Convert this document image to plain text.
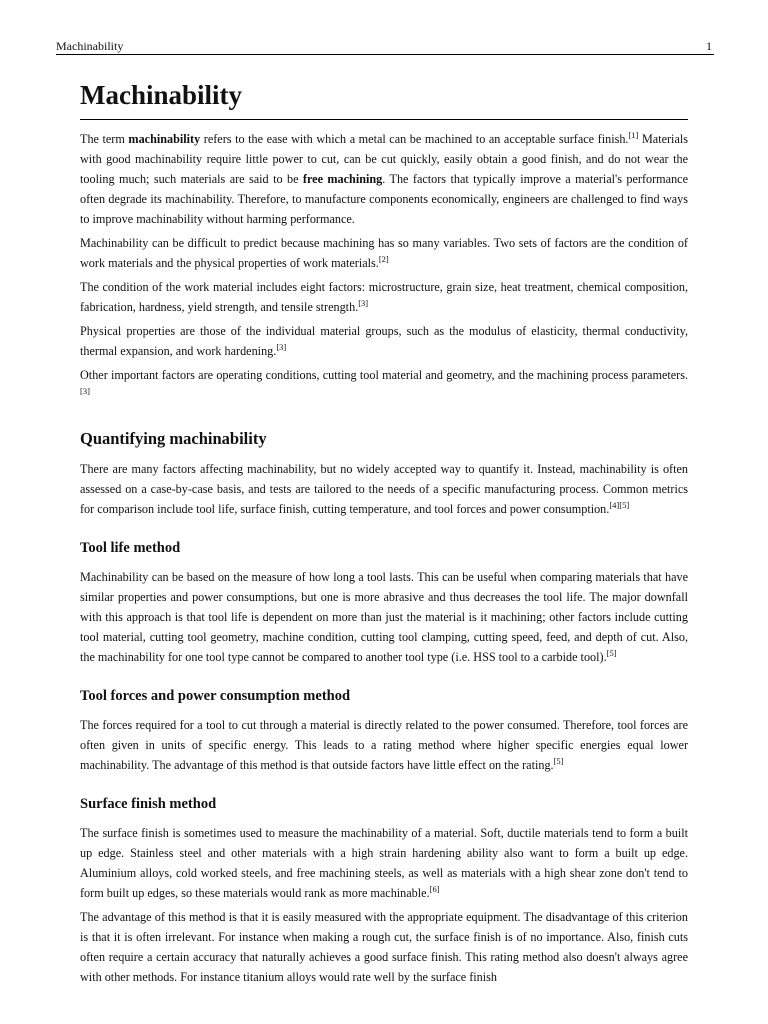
Machinability	1
Machinability

The term machinability refers to the ease with which a metal can be machined to an acceptable surface finish.[1] Materials with good machinability require little power to cut, can be cut quickly, easily obtain a good finish, and do not wear the tooling much; such materials are said to be free machining. The factors that typically improve a material's performance often degrade its machinability. Therefore, to manufacture components economically, engineers are challenged to find ways to improve machinability without harming performance.

Machinability can be difficult to predict because machining has so many variables. Two sets of factors are the condition of work materials and the physical properties of work materials.[2]

The condition of the work material includes eight factors: microstructure, grain size, heat treatment, chemical composition, fabrication, hardness, yield strength, and tensile strength.[3]

Physical properties are those of the individual material groups, such as the modulus of elasticity, thermal conductivity, thermal expansion, and work hardening.[3]

Other important factors are operating conditions, cutting tool material and geometry, and the machining process parameters.[3]

Quantifying machinability

There are many factors affecting machinability, but no widely accepted way to quantify it. Instead, machinability is often assessed on a case-by-case basis, and tests are tailored to the needs of a specific manufacturing process. Common metrics for comparison include tool life, surface finish, cutting temperature, and tool forces and power consumption.[4][5]

Tool life method

Machinability can be based on the measure of how long a tool lasts. This can be useful when comparing materials that have similar properties and power consumptions, but one is more abrasive and thus decreases the tool life. The major downfall with this approach is that tool life is dependent on more than just the material is it machining; other factors include cutting tool material, cutting tool geometry, machine condition, cutting tool clamping, cutting speed, feed, and depth of cut. Also, the machinability for one tool type cannot be compared to another tool type (i.e. HSS tool to a carbide tool).[5]

Tool forces and power consumption method

The forces required for a tool to cut through a material is directly related to the power consumed. Therefore, tool forces are often given in units of specific energy. This leads to a rating method where higher specific energies equal lower machinability. The advantage of this method is that outside factors have little effect on the rating.[5]

Surface finish method

The surface finish is sometimes used to measure the machinability of a material. Soft, ductile materials tend to form a built up edge. Stainless steel and other materials with a high strain hardening ability also want to form a built up edge. Aluminium alloys, cold worked steels, and free machining steels, as well as materials with a high shear zone don't tend to form built up edges, so these materials would rank as more machinable.[6]

The advantage of this method is that it is easily measured with the appropriate equipment. The disadvantage of this criterion is that it is often irrelevant. For instance when making a rough cut, the surface finish is of no importance. Also, finish cuts often require a certain accuracy that naturally achieves a good surface finish. This rating method also doesn't always agree with other methods. For instance titanium alloys would rate well by the surface finish
